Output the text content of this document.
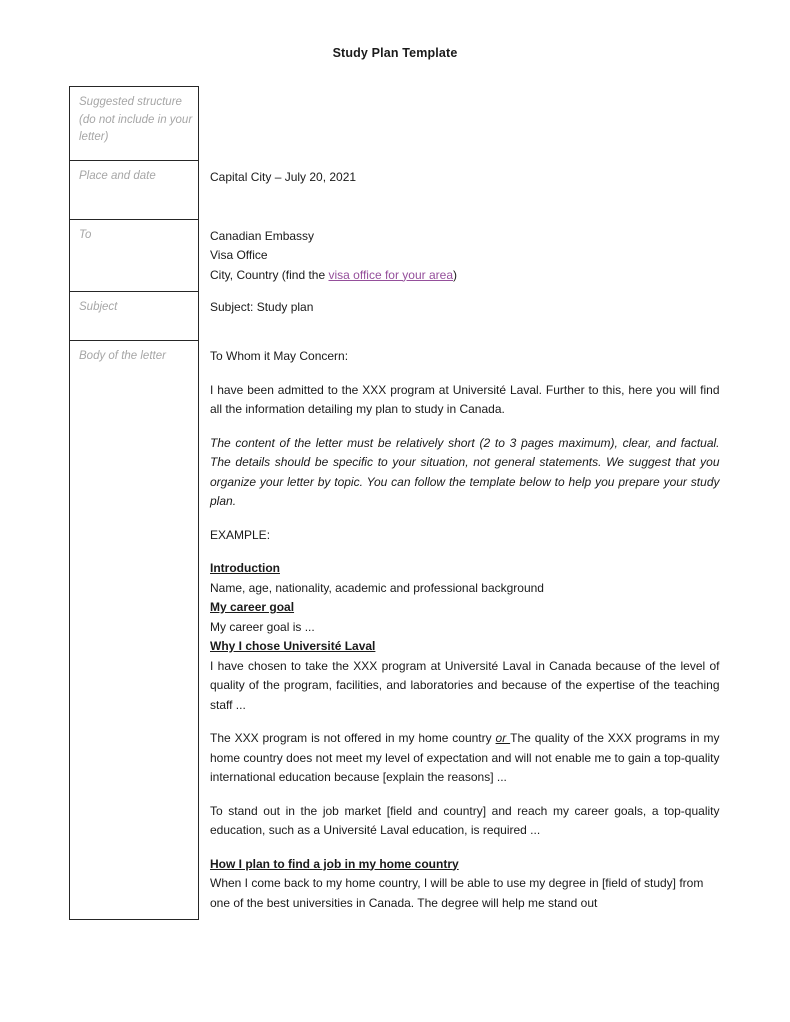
Study Plan Template
Suggested structure (do not include in your letter)	

Place and date	Capital City – July 20, 2021

To	Canadian Embassy
Visa Office
City, Country (find the visa office for your area)

Subject	Subject: Study plan

Body of the letter	To Whom it May Concern:

I have been admitted to the XXX program at Université Laval. Further to this, here you will find all the information detailing my plan to study in Canada.

The content of the letter must be relatively short (2 to 3 pages maximum), clear, and factual. The details should be specific to your situation, not general statements. We suggest that you organize your letter by topic. You can follow the template below to help you prepare your study plan.

EXAMPLE:

Introduction
Name, age, nationality, academic and professional background

My career goal
My career goal is ...

Why I chose Université Laval
I have chosen to take the XXX program at Université Laval in Canada because of the level of quality of the program, facilities, and laboratories and because of the expertise of the teaching staff ...

The XXX program is not offered in my home country or The quality of the XXX programs in my home country does not meet my level of expectation and will not enable me to gain a top-quality international education because [explain the reasons] ...

To stand out in the job market [field and country] and reach my career goals, a top-quality education, such as a Université Laval education, is required ...

How I plan to find a job in my home country
When I come back to my home country, I will be able to use my degree in [field of study] from one of the best universities in Canada. The degree will help me stand out
